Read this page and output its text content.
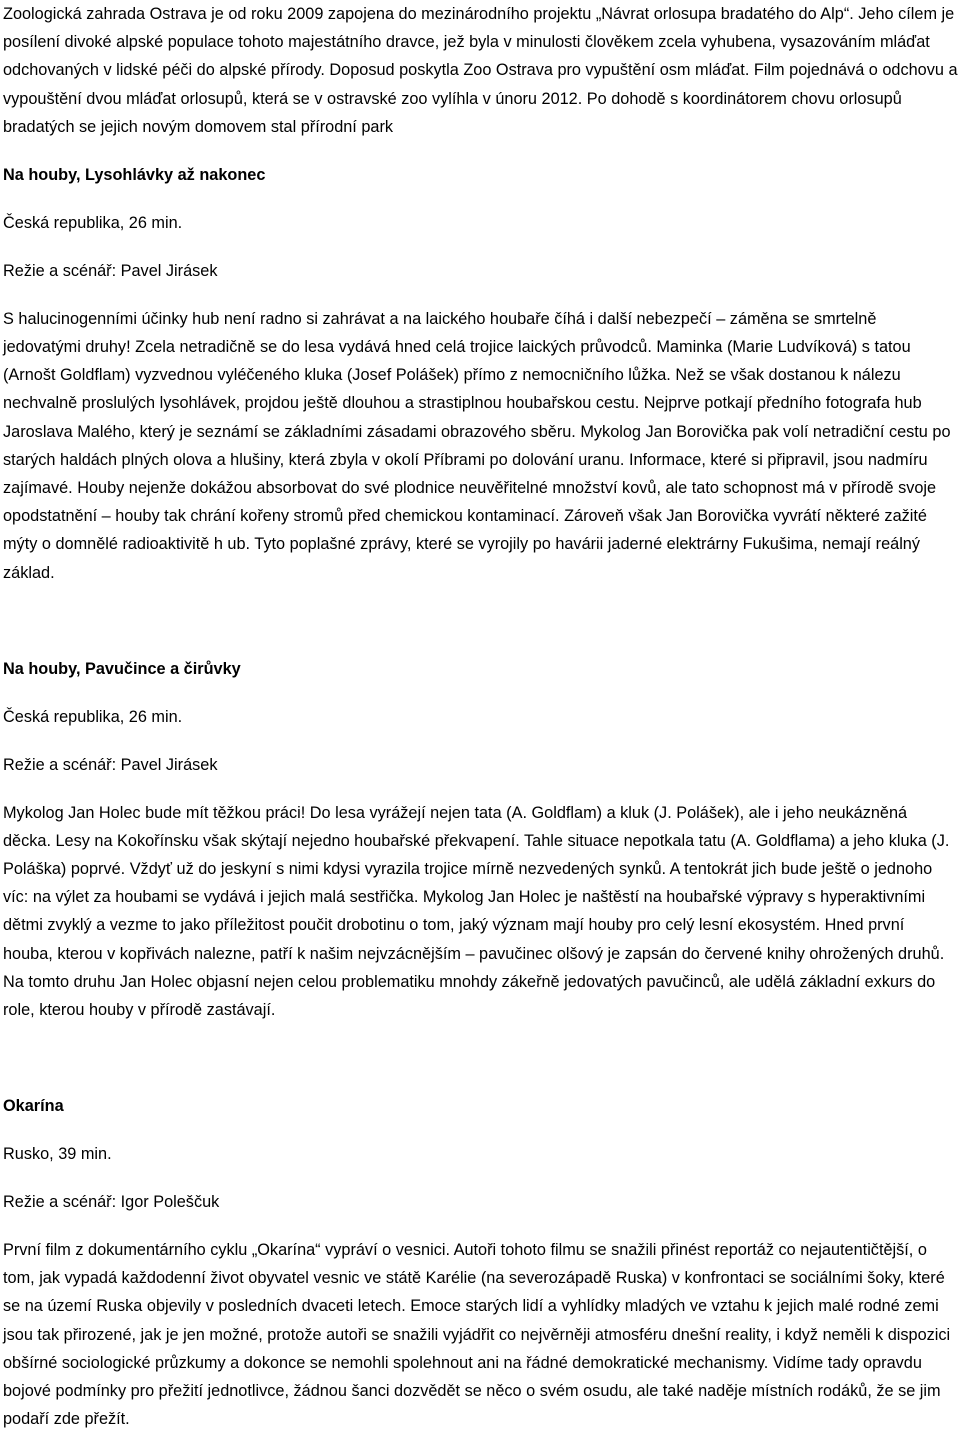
Zoologická zahrada Ostrava je od roku 2009 zapojena do mezinárodního projektu „Návrat orlosupa bradatého do Alp“. Jeho cílem je posílení divoké alpské populace tohoto majestátního dravce, jež byla v minulosti člověkem zcela vyhubena, vysazováním mláďat odchovaných v lidské péči do alpské přírody. Doposud poskytla Zoo Ostrava pro vypuštění osm mláďat. Film pojednává o odchovu a vypouštění dvou mláďat orlosupů, která se v ostravské zoo vylíhla v únoru 2012. Po dohodě s koordinátorem chovu orlosupů bradatých se jejich novým domovem stal přírodní park

Na houby, Lysohlávky až nakonec

Česká republika, 26 min.

Režie a scénář: Pavel Jirásek

S halucinogenními účinky hub není radno si zahrávat a na laického houbaře číhá i další nebezpečí – záměna se smrtelně jedovatými druhy! Zcela netradičně se do lesa vydává hned celá trojice laických průvodců. Maminka (Marie Ludvíková) s tatou (Arnošt Goldflam) vyzvednou vyléčeného kluka (Josef Polášek) přímo z nemocničního lůžka. Než se však dostanou k nálezu nechvalně proslulých lysohlávek, projdou ještě dlouhou a strastiplnou houbařskou cestu. Nejprve potkají předního fotografa hub Jaroslava Malého, který je seznámí se základními zásadami obrazového sběru. Mykolog Jan Borovička pak volí netradiční cestu po starých haldách plných olova a hlušiny, která zbyla v okolí Příbrami po dolování uranu. Informace, které si připravil, jsou nadmíru zajímavé. Houby nejenže dokážou absorbovat do své plodnice neuvěřitelné množství kovů, ale tato schopnost má v přírodě svoje opodstatnění – houby tak chrání kořeny stromů před chemickou kontaminací. Zároveň však Jan Borovička vyvrátí některé zažité mýty o domnělé radioaktivitě h ub. Tyto poplašné zprávy, které se vyrojily po havárii jaderné elektrárny Fukušima, nemají reálný základ.

Na houby, Pavučince a čirůvky

Česká republika, 26 min.

Režie a scénář: Pavel Jirásek

Mykolog Jan Holec bude mít těžkou práci! Do lesa vyrážejí nejen tata (A. Goldflam) a kluk (J. Polášek), ale i jeho neukázněná děcka. Lesy na Kokořínsku však skýtají nejedno houbařské překvapení. Tahle situace nepotkala tatu (A. Goldflama) a jeho kluka (J. Poláška) poprvé. Vždyť už do jeskyní s nimi kdysi vyrazila trojice mírně nezvedených synků. A tentokrát jich bude ještě o jednoho víc: na výlet za houbami se vydává i jejich malá sestřička. Mykolog Jan Holec je naštěstí na houbařské výpravy s hyperaktivními dětmi zvyklý a vezme to jako příležitost poučit drobotinu o tom, jaký význam mají houby pro celý lesní ekosystém. Hned první houba, kterou v kopřivách nalezne, patří k našim nejvzácnějším – pavučinec olšový je zapsán do červené knihy ohrožených druhů. Na tomto druhu Jan Holec objasní nejen celou problematiku mnohdy zákeřně jedovatých pavučinců, ale udělá základní exkurs do role, kterou houby v přírodě zastávají.

Okarína

Rusko, 39 min.

Režie a scénář: Igor Poleščuk

První film z dokumentárního cyklu „Okarína“ vypráví o vesnici. Autoři tohoto filmu se snažili přinést reportáž co nejautentičtější, o tom, jak vypadá každodenní život obyvatel vesnic ve státě Karélie (na severozápadě Ruska) v konfrontaci se sociálními šoky, které se na území Ruska objevily v posledních dvaceti letech. Emoce starých lidí a vyhlídky mladých ve vztahu k jejich malé rodné zemi jsou tak přirozené, jak je jen možné, protože autoři se snažili vyjádřit co nejvěrněji atmosféru dnešní reality, i když neměli k dispozici obšírné sociologické průzkumy a dokonce se nemohli spolehnout ani na řádné demokratické mechanismy. Vidíme tady opravdu bojové podmínky pro přežití jednotlivce, žádnou šanci dozvědět se něco o svém osudu, ale také naděje místních rodáků, že se jim podaří zde přežít.
